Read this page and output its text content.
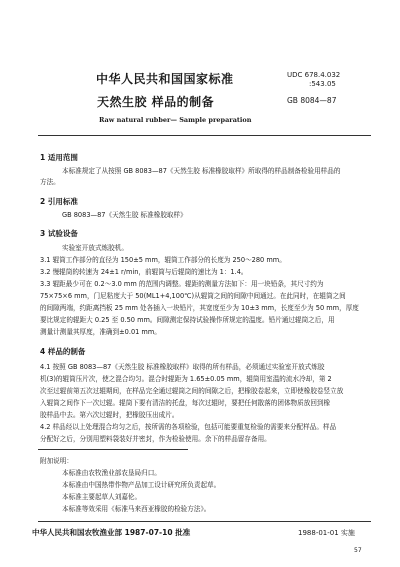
中华人民共和国国家标准	UDC 678.4.032
:543.05
天然生胶 样品的制备	GB 8084—87
Raw natural rubber— Sample preparation
1 适用范围
本标准规定了从按照 GB 8083—87《天然生胶 标准橡胶取样》所取得的样品制备检验用样品的
方法。
2 引用标准
GB 8083—87《天然生胶 标准橡胶取样》
3 试验设备
实验室开放式炼胶机。
3.1 辊筒工作部分的直径为 150±5 mm，辊筒工作部分的长度为 250～280 mm。
3.2 慢辊筒的转速为 24±1 r/min，前辊筒与后辊筒的速比为 1：1.4。
3.3 辊距最少可在 0.2～3.0 mm 的范围内调整。辊距的测量方法如下：用一块铅条，其尺寸约为
75×75×6 mm，门尼粘度大于 50(ML1+4,100℃)从辊筒之间的间隙中间通过。在此同时，在辊筒之间
的间隙两端，约距离挡板 25 mm 处各插入一块铅片，其宽度至少为 10±3 mm，长度至少为 50 mm，厚度
要比规定的辊距大 0.25 至 0.50 mm。间隙测定保持试验操作所规定的温度。铅片通过辊筒之后，用
测量计测量其厚度，准确到±0.01 mm。
4 样品的制备
4.1 按照 GB 8083—87《天然生胶 标准橡胶取样》取得的所有样品，必须通过实验室开放式炼胶
机(3)的辊筒压片次，使之混合均匀。混合时辊距为 1.65±0.05 mm，辊筒用室温的流水冷却，第 2
次至过辊前第五次过辊期间，在样品完全通过辊筒之间的间隙之后，把橡胶卷起来，立即使橡胶卷竖立放
入辊筒之间作下一次过辊。辊筒下要有清洁的托盘，每次过辊时，要把任何散落的团体物质放回到橡
胶样品中去。第六次过辊时，把橡胶压出成片。
4.2 样品经以上处理混合均匀之后，按所需的各项检验，包括可能要重复检验的需要来分配样品。样品
分配好之后，分别用塑料袋装好并密封，作为检验使用。余下的样品留存备用。
附加说明：
本标准由农牧渔业部农垦局归口。
本标准由中国热带作物产品加工设计研究所负责起草。
本标准主要起草人刘嘉伦。
本标准等效采用《标准马来西亚橡胶的检验方法》。
中华人民共和国农牧渔业部 1987-07-10 批准	1988-01-01 实施
57
